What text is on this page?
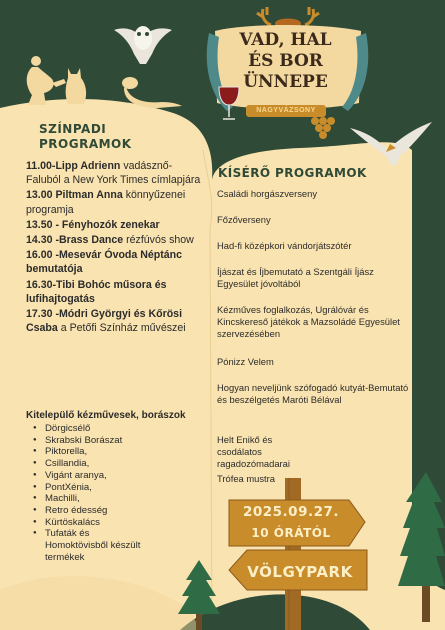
VAD, HAL
ÉS BOR
ÜNNEPE
NAGYVÁZSONY
SZÍNPADI
PROGRAMOK
KÍSÉRŐ PROGRAMOK
11.00-Lipp Adrienn vadásznő-Faluból a New York Times címlapjára
13.00 Piltman Anna könnyűzenei programja
13.50 - Fényhozók zenekar
14.30 -Brass Dance rézfúvós show
16.00 -Mesevár Óvoda Néptánc bemutatója
16.30-Tibi Bohóc műsora és lufihajtogatás
17.30 -Módri Györgyi és Kőrösi Csaba a Petőfi Színház művészei
Kitelepülő kézművesek, borászok
● Dörgicsélő
● Skrabski Borászat
● Piktorella,
● Csillandia,
● Vigánt aranya,
● PontXénia,
● Machilli,
● Retro édesség
● Kürtöskalács
● Tufaták és Homoktövisből készült termékek
Családi horgászverseny
Főzőverseny
Had-fi középkori vándorjátszótér
Íjászat és Íjbemutató a Szentgáli Íjász Egyesület jóvoltából
Kézműves foglalkozás, Ugrálóvár és Kincskereső játékok a Mazsoládé Egyesület szervezésében
Pónizz Velem
Hogyan neveljünk szófogadó kutyát-Bemutató és beszélgetés Maróti Bélával
Helt Enikő és csodálatos ragadozómadarai
Trófea mustra
2025.09.27.
10 ÓRÁTÓL
VÖLGYPARK
